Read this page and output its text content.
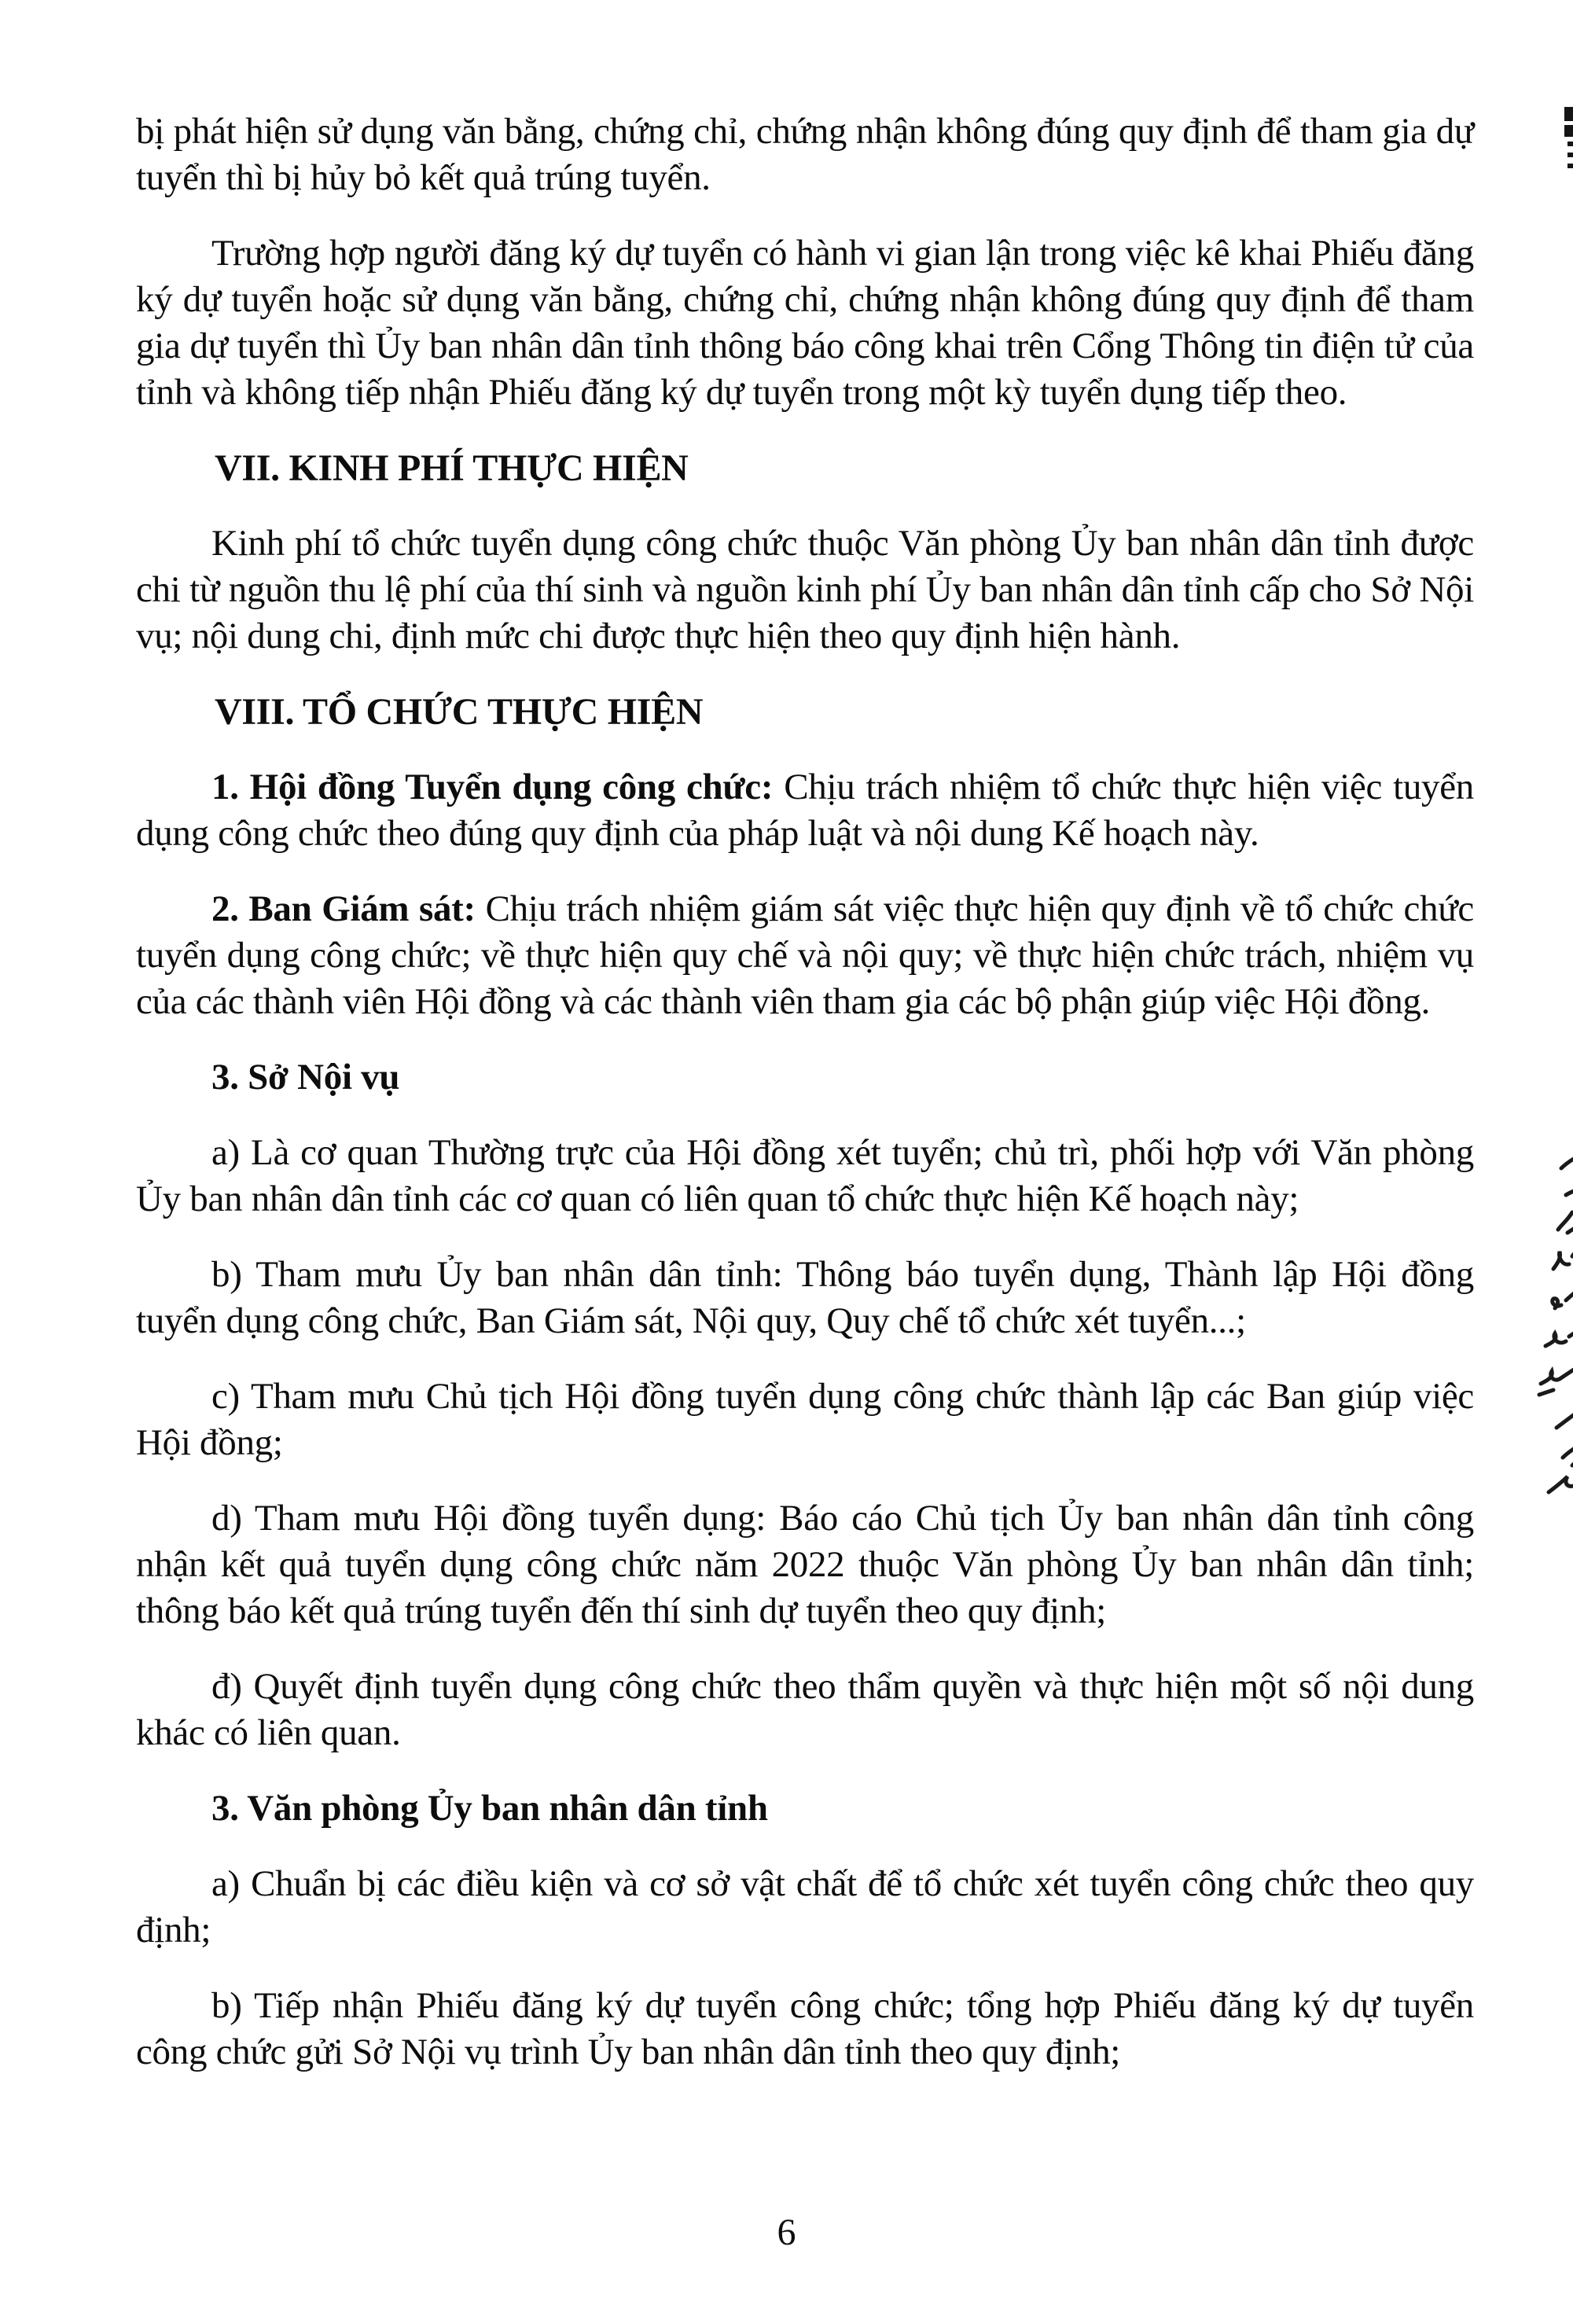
bị phát hiện sử dụng văn bằng, chứng chỉ, chứng nhận không đúng quy định để tham gia dự tuyển thì bị hủy bỏ kết quả trúng tuyển.

Trường hợp người đăng ký dự tuyển có hành vi gian lận trong việc kê khai Phiếu đăng ký dự tuyển hoặc sử dụng văn bằng, chứng chỉ, chứng nhận không đúng quy định để tham gia dự tuyển thì Ủy ban nhân dân tỉnh thông báo công khai trên Cổng Thông tin điện tử của tỉnh và không tiếp nhận Phiếu đăng ký dự tuyển trong một kỳ tuyển dụng tiếp theo.

VII. KINH PHÍ THỰC HIỆN

Kinh phí tổ chức tuyển dụng công chức thuộc Văn phòng Ủy ban nhân dân tỉnh được chi từ nguồn thu lệ phí của thí sinh và nguồn kinh phí Ủy ban nhân dân tỉnh cấp cho Sở Nội vụ; nội dung chi, định mức chi được thực hiện theo quy định hiện hành.

VIII. TỔ CHỨC THỰC HIỆN

1. Hội đồng Tuyển dụng công chức: Chịu trách nhiệm tổ chức thực hiện việc tuyển dụng công chức theo đúng quy định của pháp luật và nội dung Kế hoạch này.

2. Ban Giám sát: Chịu trách nhiệm giám sát việc thực hiện quy định về tổ chức chức tuyển dụng công chức; về thực hiện quy chế và nội quy; về thực hiện chức trách, nhiệm vụ của các thành viên Hội đồng và các thành viên tham gia các bộ phận giúp việc Hội đồng.

3. Sở Nội vụ

a) Là cơ quan Thường trực của Hội đồng xét tuyển; chủ trì, phối hợp với Văn phòng Ủy ban nhân dân tỉnh các cơ quan có liên quan tổ chức thực hiện Kế hoạch này;

b) Tham mưu Ủy ban nhân dân tỉnh: Thông báo tuyển dụng, Thành lập Hội đồng tuyển dụng công chức, Ban Giám sát, Nội quy, Quy chế tổ chức xét tuyển...;

c) Tham mưu Chủ tịch Hội đồng tuyển dụng công chức thành lập các Ban giúp việc Hội đồng;

d) Tham mưu Hội đồng tuyển dụng: Báo cáo Chủ tịch Ủy ban nhân dân tỉnh công nhận kết quả tuyển dụng công chức năm 2022 thuộc Văn phòng Ủy ban nhân dân tỉnh; thông báo kết quả trúng tuyển đến thí sinh dự tuyển theo quy định;

đ) Quyết định tuyển dụng công chức theo thẩm quyền và thực hiện một số nội dung khác có liên quan.

3. Văn phòng Ủy ban nhân dân tỉnh

a) Chuẩn bị các điều kiện và cơ sở vật chất để tổ chức xét tuyển công chức theo quy định;

b) Tiếp nhận Phiếu đăng ký dự tuyển công chức; tổng hợp Phiếu đăng ký dự tuyển công chức gửi Sở Nội vụ trình Ủy ban nhân dân tỉnh theo quy định;

6
